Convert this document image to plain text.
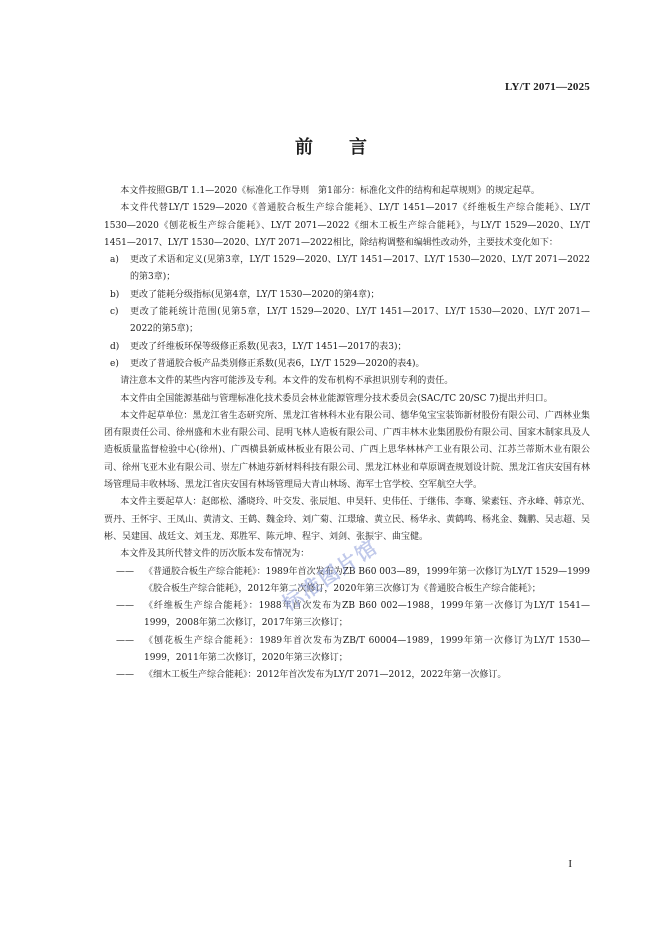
LY/T 2071—2025
前言

本文件按照GB/T 1.1—2020《标准化工作导则　第1部分：标准化文件的结构和起草规则》的规定起草。

本文件代替LY/T 1529—2020《普通胶合板生产综合能耗》、LY/T 1451—2017《纤维板生产综合能耗》、LY/T 1530—2020《刨花板生产综合能耗》、LY/T 2071—2022《细木工板生产综合能耗》，与LY/T 1529—2020、LY/T 1451—2017、LY/T 1530—2020、LY/T 2071—2022相比，除结构调整和编辑性改动外，主要技术变化如下：

a)	更改了术语和定义(见第3章，LY/T 1529—2020、LY/T 1451—2017、LY/T 1530—2020、LY/T 2071—2022的第3章)；
b)	更改了能耗分级指标(见第4章，LY/T 1530—2020的第4章)；
c)	更改了能耗统计范围(见第5章，LY/T 1529—2020、LY/T 1451—2017、LY/T 1530—2020、LY/T 2071—2022的第5章)；
d)	更改了纤维板环保等级修正系数(见表3，LY/T 1451—2017的表3)；
e)	更改了普通胶合板产品类别修正系数(见表6，LY/T 1529—2020的表4)。

请注意本文件的某些内容可能涉及专利。本文件的发布机构不承担识别专利的责任。

本文件由全国能源基础与管理标准化技术委员会林业能源管理分技术委员会(SAC/TC 20/SC 7)提出并归口。

本文件起草单位：黑龙江省生态研究所、黑龙江省林科木业有限公司、德华兔宝宝装饰新材股份有限公司、广西林业集团有限责任公司、徐州盛和木业有限公司、昆明飞林人造板有限公司、广西丰林木业集团股份有限公司、国家木制家具及人造板质量监督检验中心(徐州)、广西横县新威林板业有限公司、广西上思华林林产工业有限公司、江苏兰蒂斯木业有限公司、徐州飞亚木业有限公司、崇左广林迪芬新材料科技有限公司、黑龙江林业和草原调查规划设计院、黑龙江省庆安国有林场管理局丰收林场、黑龙江省庆安国有林场管理局大青山林场、海军士官学校、空军航空大学。

本文件主要起草人：赵郎松、潘晓玲、叶交发、张辰旭、申昊轩、史伟任、于继伟、李骞、梁素钰、齐永峰、韩京光、贾丹、王怀宇、王凤山、黄清文、王鹤、魏金玲、刘广菊、江璟瑜、黄立民、杨华永、黄鹤鸣、杨兆金、魏鹏、吴志超、吴彬、吴建国、战廷文、刘玉龙、郑胜军、陈元坤、程宇、刘剑、张振宇、曲宝健。

本文件及其所代替文件的历次版本发布情况为：

——	《普通胶合板生产综合能耗》：1989年首次发布为ZB B60 003—89，1999年第一次修订为LY/T 1529—1999《胶合板生产综合能耗》，2012年第二次修订，2020年第三次修订为《普通胶合板生产综合能耗》；
——	《纤维板生产综合能耗》：1988年首次发布为ZB B60 002—1988，1999年第一次修订为LY/T 1541—1999，2008年第二次修订，2017年第三次修订；
——	《刨花板生产综合能耗》：1989年首次发布为ZB/T 60004—1989，1999年第一次修订为LY/T 1530—1999，2011年第二次修订，2020年第三次修订；
——	《细木工板生产综合能耗》：2012年首次发布为LY/T 2071—2012，2022年第一次修订。
标准图片馆
I
